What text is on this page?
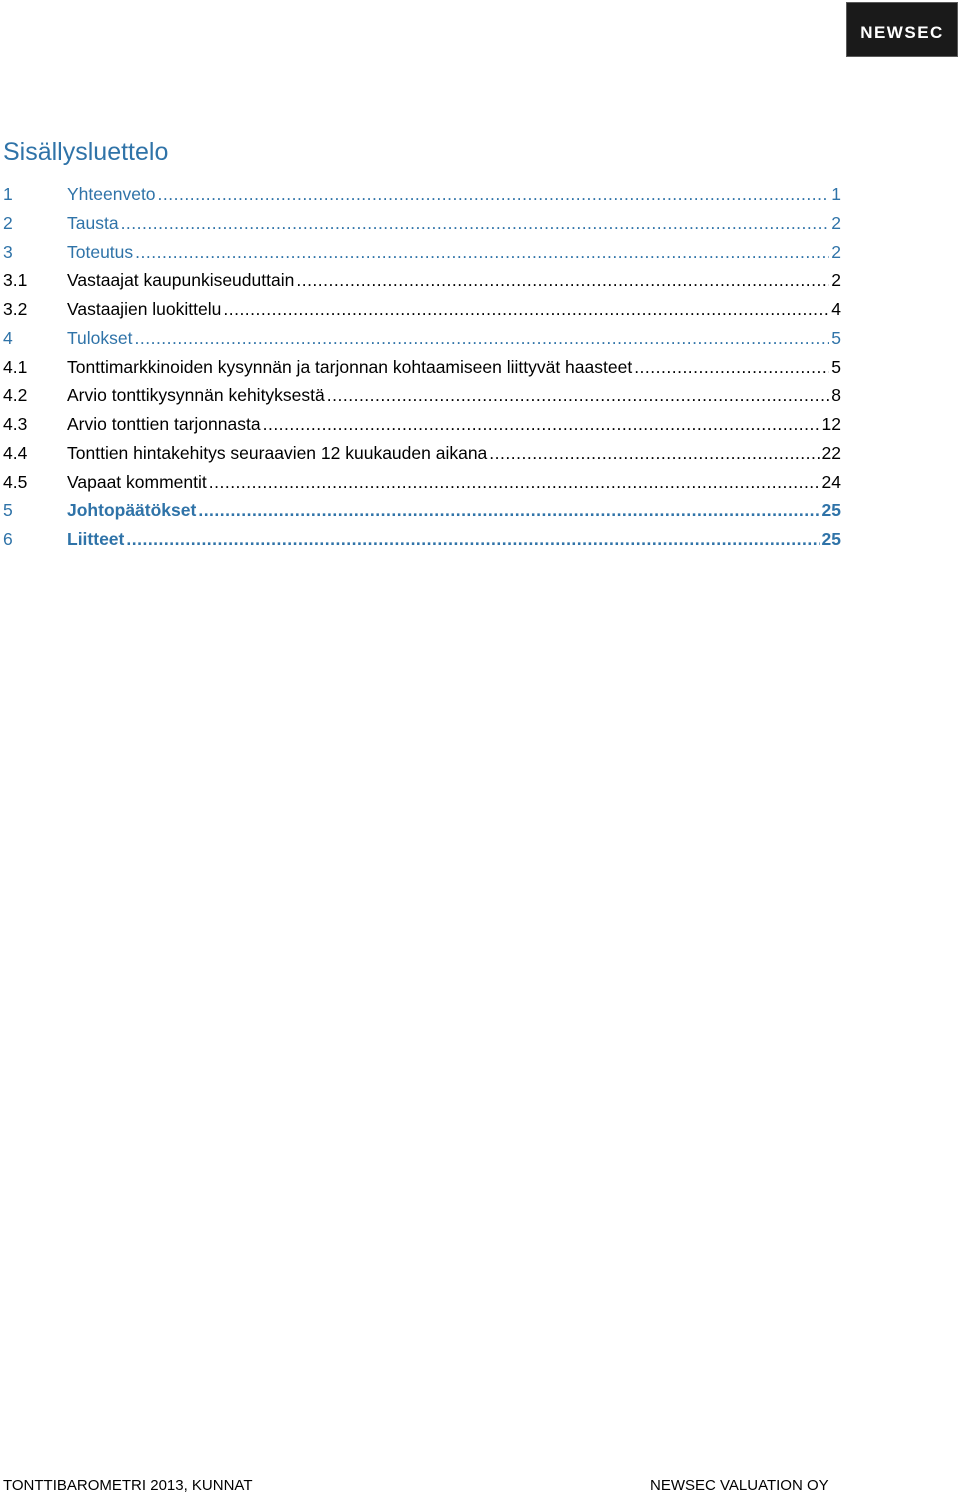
NEWSEC
Sisällysluettelo
1	Yhteenveto .....	1
2	Tausta .....	2
3	Toteutus .....	2
3.1	Vastaajat kaupunkiseuduttain .....	2
3.2	Vastaajien luokittelu .....	4
4	Tulokset .....	5
4.1	Tonttimarkkinoiden kysynnän ja tarjonnan kohtaamiseen liittyvät haasteet .....	5
4.2	Arvio tonttikysynnän kehityksestä .....	8
4.3	Arvio tonttien tarjonnasta .....	12
4.4	Tonttien hintakehitys seuraavien 12 kuukauden aikana .....	22
4.5	Vapaat kommentit .....	24
5	Johtopäätökset .....	25
6	Liitteet .....	25
TONTTIBAROMETRI 2013, KUNNAT	NEWSEC VALUATION OY
